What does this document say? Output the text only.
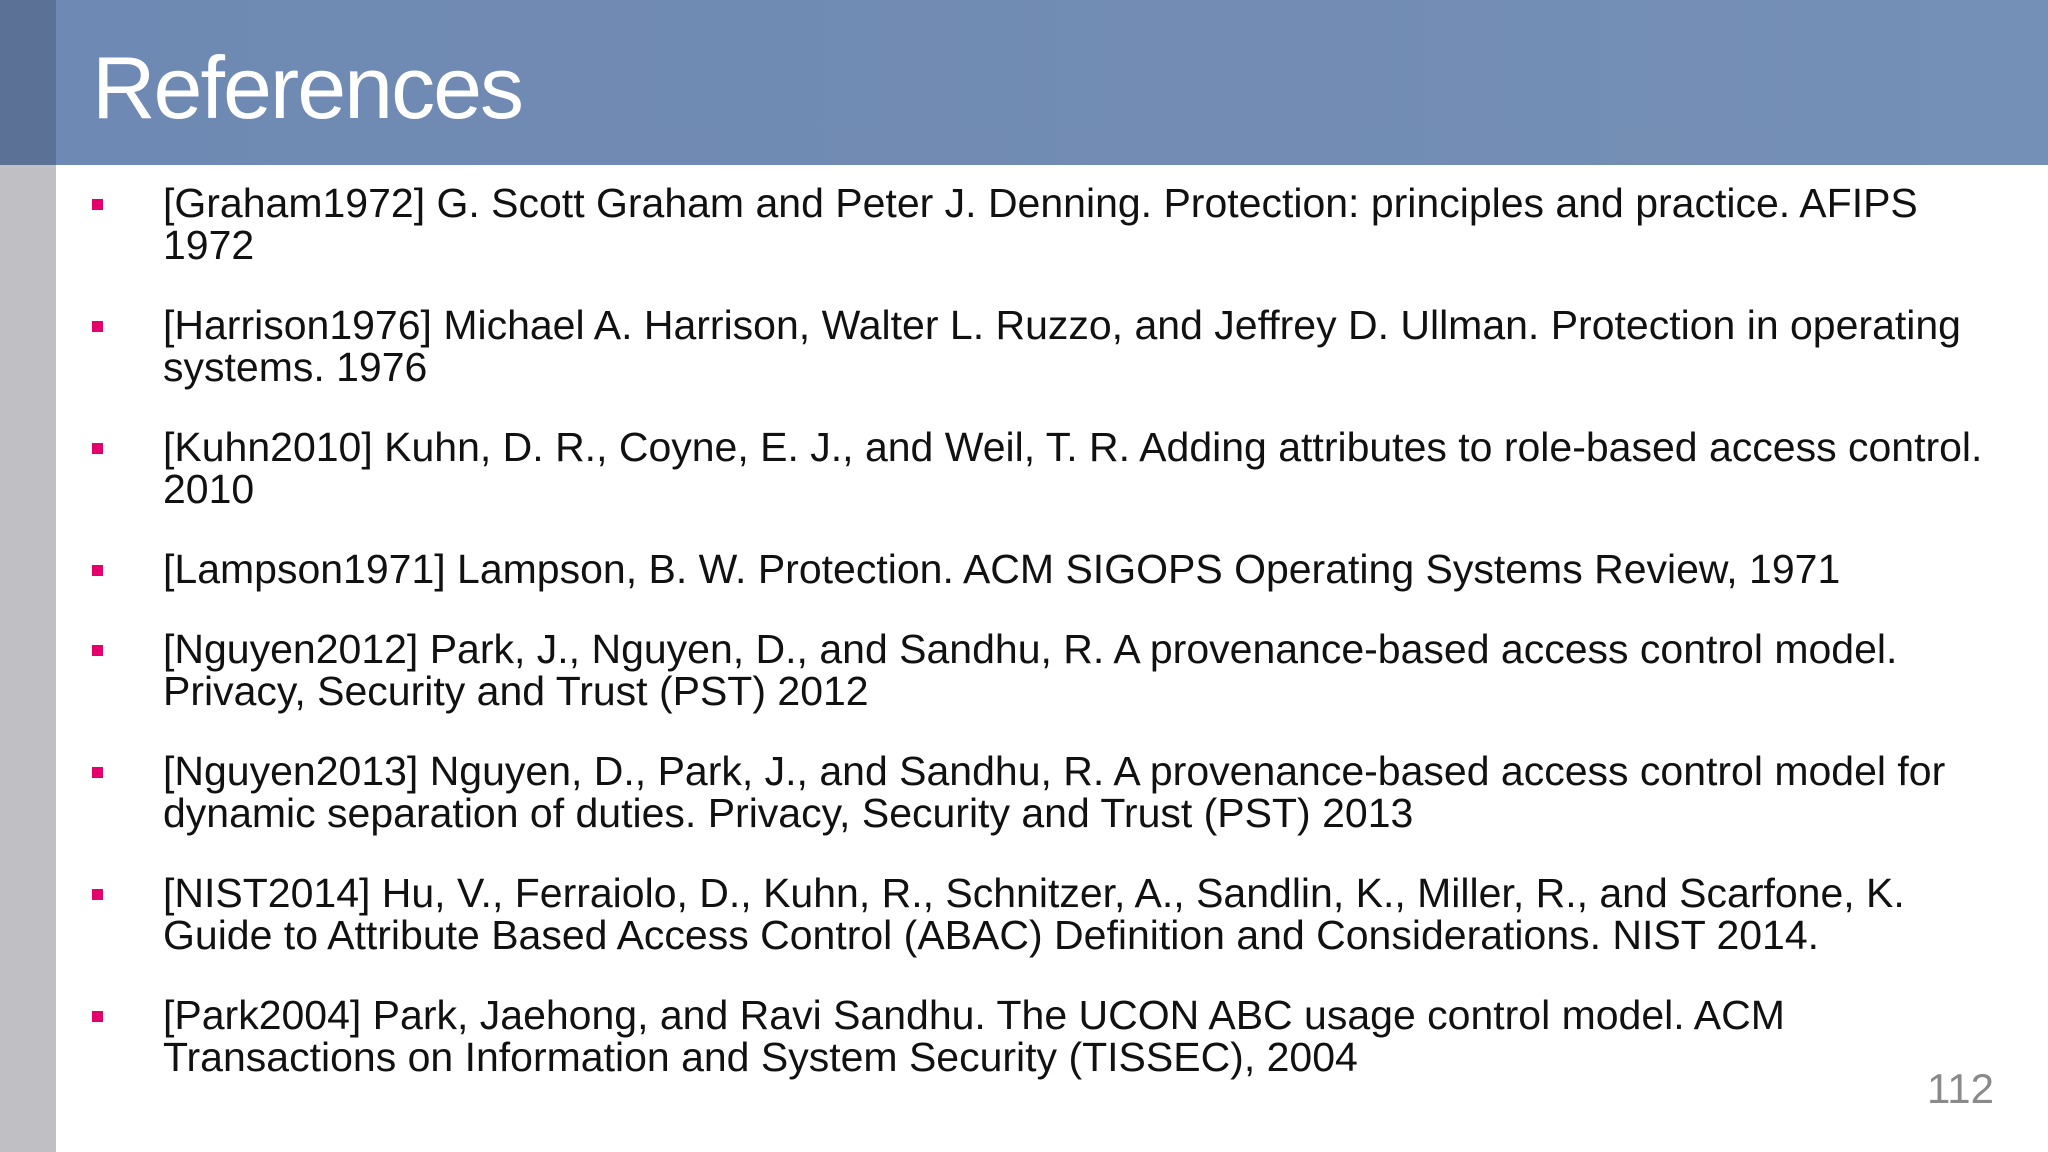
References
[Graham1972] G. Scott Graham and Peter J. Denning. Protection: principles and practice. AFIPS 1972
[Harrison1976] Michael A. Harrison, Walter L. Ruzzo, and Jeffrey D. Ullman. Protection in operating systems. 1976
[Kuhn2010] Kuhn, D. R., Coyne, E. J., and Weil, T. R. Adding attributes to role-based access control. 2010
[Lampson1971] Lampson, B. W. Protection. ACM SIGOPS Operating Systems Review, 1971
[Nguyen2012] Park, J., Nguyen, D., and Sandhu, R. A provenance-based access control model. Privacy, Security and Trust (PST) 2012
[Nguyen2013] Nguyen, D., Park, J., and Sandhu, R. A provenance-based access control model for dynamic separation of duties. Privacy, Security and Trust (PST) 2013
[NIST2014] Hu, V., Ferraiolo, D., Kuhn, R., Schnitzer, A., Sandlin, K., Miller, R., and Scarfone, K. Guide to Attribute Based Access Control (ABAC) Definition and Considerations. NIST 2014.
[Park2004] Park, Jaehong, and Ravi Sandhu. The UCON ABC usage control model. ACM Transactions on Information and System Security (TISSEC), 2004
112
